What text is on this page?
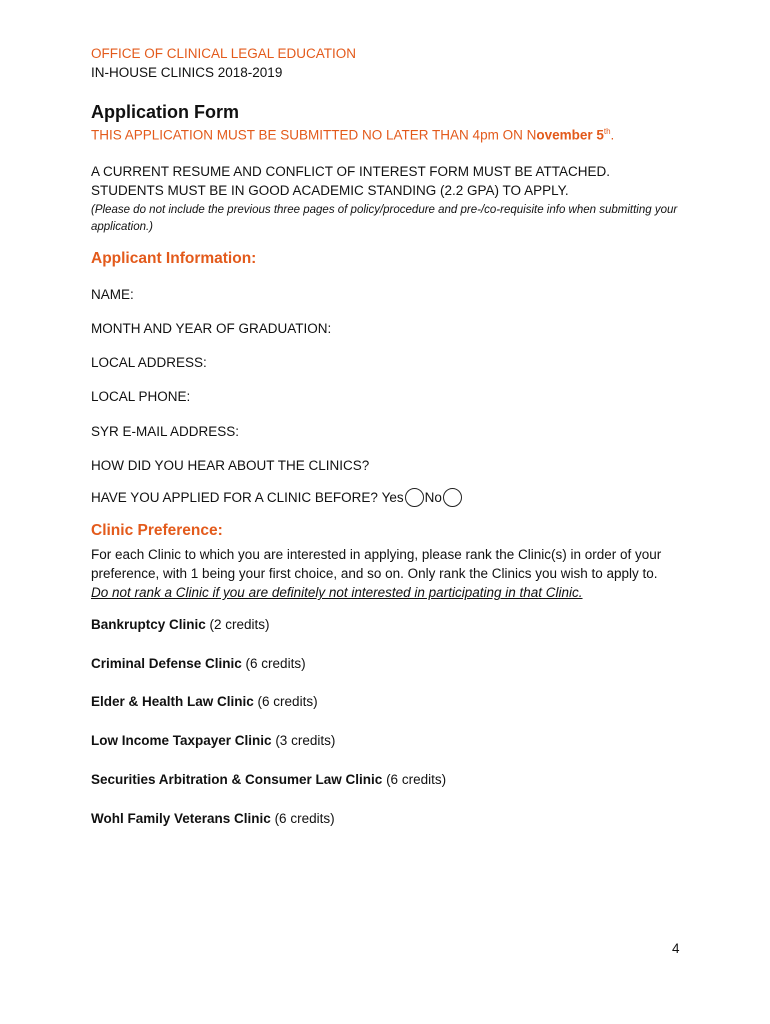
OFFICE OF CLINICAL LEGAL EDUCATION
IN-HOUSE CLINICS 2018-2019
Application Form
THIS APPLICATION MUST BE SUBMITTED NO LATER THAN 4pm ON November 5th.
A CURRENT RESUME AND CONFLICT OF INTEREST FORM MUST BE ATTACHED.
STUDENTS MUST BE IN GOOD ACADEMIC STANDING (2.2 GPA) TO APPLY.
(Please do not include the previous three pages of policy/procedure and pre-/co-requisite info when submitting your application.)
Applicant Information:
NAME:
MONTH AND YEAR OF GRADUATION:
LOCAL ADDRESS:
LOCAL PHONE:
SYR E-MAIL ADDRESS:
HOW DID YOU HEAR ABOUT THE CLINICS?
HAVE YOU APPLIED FOR A CLINIC BEFORE?
Yes No
Clinic Preference:
For each Clinic to which you are interested in applying, please rank the Clinic(s) in order of your preference, with 1 being your first choice, and so on. Only rank the Clinics you wish to apply to.
Do not rank a Clinic if you are definitely not interested in participating in that Clinic.
Bankruptcy Clinic (2 credits)
Criminal Defense Clinic (6 credits)
Elder & Health Law Clinic (6 credits)
Low Income Taxpayer Clinic (3 credits)
Securities Arbitration & Consumer Law Clinic (6 credits)
Wohl Family Veterans Clinic (6 credits)
4
